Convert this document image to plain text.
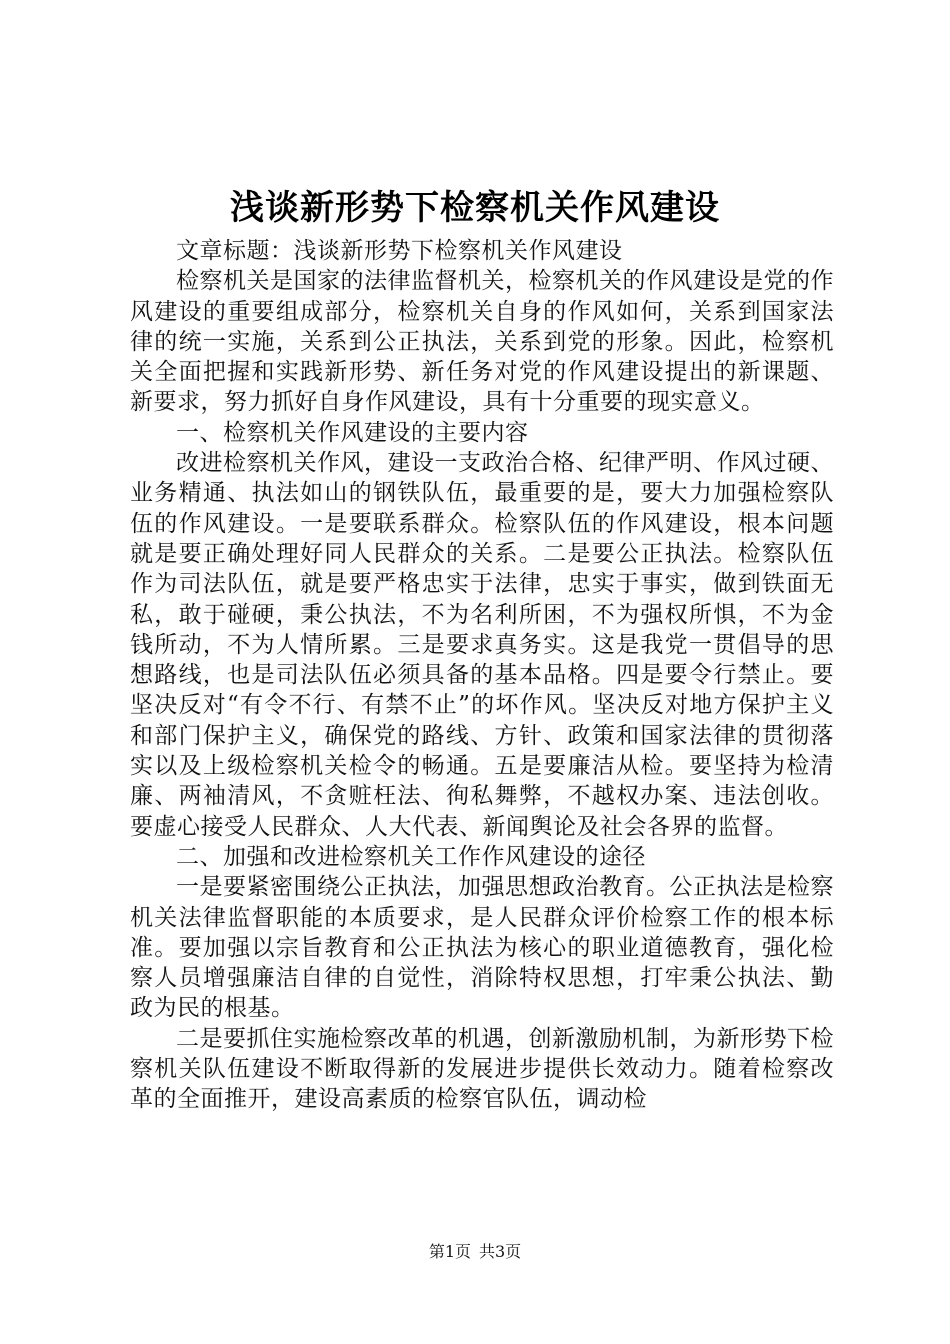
浅谈新形势下检察机关作风建设

文章标题：浅谈新形势下检察机关作风建设

检察机关是国家的法律监督机关，检察机关的作风建设是党的作风建设的重要组成部分，检察机关自身的作风如何，关系到国家法律的统一实施，关系到公正执法，关系到党的形象。因此，检察机关全面把握和实践新形势、新任务对党的作风建设提出的新课题、新要求，努力抓好自身作风建设，具有十分重要的现实意义。

一、检察机关作风建设的主要内容

改进检察机关作风，建设一支政治合格、纪律严明、作风过硬、业务精通、执法如山的钢铁队伍，最重要的是，要大力加强检察队伍的作风建设。一是要联系群众。检察队伍的作风建设，根本问题就是要正确处理好同人民群众的关系。二是要公正执法。检察队伍作为司法队伍，就是要严格忠实于法律，忠实于事实，做到铁面无私，敢于碰硬，秉公执法，不为名利所困，不为强权所惧，不为金钱所动，不为人情所累。三是要求真务实。这是我党一贯倡导的思想路线，也是司法队伍必须具备的基本品格。四是要令行禁止。要坚决反对“有令不行、有禁不止”的坏作风。坚决反对地方保护主义和部门保护主义，确保党的路线、方针、政策和国家法律的贯彻落实以及上级检察机关检令的畅通。五是要廉洁从检。要坚持为检清廉、两袖清风，不贪赃枉法、徇私舞弊，不越权办案、违法创收。要虚心接受人民群众、人大代表、新闻舆论及社会各界的监督。

二、加强和改进检察机关工作作风建设的途径

一是要紧密围绕公正执法，加强思想政治教育。公正执法是检察机关法律监督职能的本质要求，是人民群众评价检察工作的根本标准。要加强以宗旨教育和公正执法为核心的职业道德教育，强化检察人员增强廉洁自律的自觉性，消除特权思想，打牢秉公执法、勤政为民的根基。

二是要抓住实施检察改革的机遇，创新激励机制，为新形势下检察机关队伍建设不断取得新的发展进步提供长效动力。随着检察改革的全面推开，建设高素质的检察官队伍，调动检

第1页 共3页
